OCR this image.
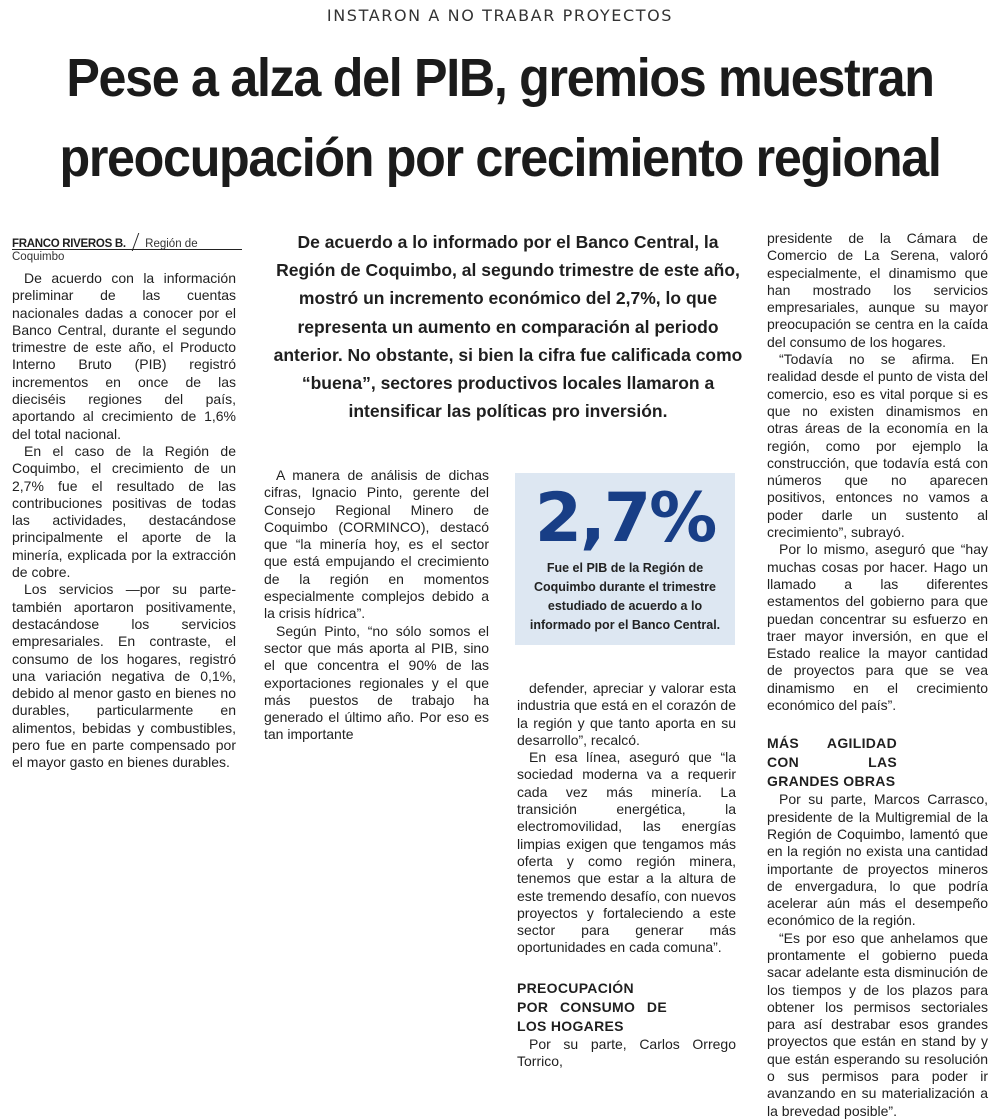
INSTARON A NO TRABAR PROYECTOS
Pese a alza del PIB, gremios muestran
preocupación por crecimiento regional
FRANCO RIVEROS B. Región de Coquimbo

De acuerdo con la información preliminar de las cuentas nacionales dadas a conocer por el Banco Central, durante el segundo trimestre de este año, el Producto Interno Bruto (PIB) registró incrementos en once de las dieciséis regiones del país, aportando al crecimiento de 1,6% del total nacional.

En el caso de la Región de Coquimbo, el crecimiento de un 2,7% fue el resultado de las contribuciones positivas de todas las actividades, destacándose principalmente el aporte de la minería, explicada por la extracción de cobre.

Los servicios —por su parte- también aportaron positivamente, destacándose los servicios empresariales. En contraste, el consumo de los hogares, registró una variación negativa de 0,1%, debido al menor gasto en bienes no durables, particularmente en alimentos, bebidas y combustibles, pero fue en parte compensado por el mayor gasto en bienes durables.

De acuerdo a lo informado por el Banco Central, la Región de Coquimbo, al segundo trimestre de este año, mostró un incremento económico del 2,7%, lo que representa un aumento en comparación al periodo anterior. No obstante, si bien la cifra fue calificada como “buena”, sectores productivos locales llamaron a intensificar las políticas pro inversión.

A manera de análisis de dichas cifras, Ignacio Pinto, gerente del Consejo Regional Minero de Coquimbo (CORMINCO), destacó que “la minería hoy, es el sector que está empujando el crecimiento de la región en momentos especialmente complejos debido a la crisis hídrica”.

Según Pinto, “no sólo somos el sector que más aporta al PIB, sino el que concentra el 90% de las exportaciones regionales y el que más puestos de trabajo ha generado el último año. Por eso es tan importante

2,7%
Fue el PIB de la Región de Coquimbo durante el trimestre estudiado de acuerdo a lo informado por el Banco Central.

defender, apreciar y valorar esta industria que está en el corazón de la región y que tanto aporta en su desarrollo”, recalcó.

En esa línea, aseguró que “la sociedad moderna va a requerir cada vez más minería. La transición energética, la electromovilidad, las energías limpias exigen que tengamos más oferta y como región minera, tenemos que estar a la altura de este tremendo desafío, con nuevos proyectos y fortaleciendo a este sector para generar más oportunidades en cada comuna”.

PREOCUPACIÓN POR CONSUMO DE LOS HOGARES

Por su parte, Carlos Orrego Torrico,

presidente de la Cámara de Comercio de La Serena, valoró especialmente, el dinamismo que han mostrado los servicios empresariales, aunque su mayor preocupación se centra en la caída del consumo de los hogares.

“Todavía no se afirma. En realidad desde el punto de vista del comercio, eso es vital porque si es que no existen dinamismos en otras áreas de la economía en la región, como por ejemplo la construcción, que todavía está con números que no aparecen positivos, entonces no vamos a poder darle un sustento al crecimiento”, subrayó.

Por lo mismo, aseguró que “hay muchas cosas por hacer. Hago un llamado a las diferentes estamentos del gobierno para que puedan concentrar su esfuerzo en traer mayor inversión, en que el Estado realice la mayor cantidad de proyectos para que se vea dinamismo en el crecimiento económico del país”.

MÁS AGILIDAD CON LAS GRANDES OBRAS

Por su parte, Marcos Carrasco, presidente de la Multigremial de la Región de Coquimbo, lamentó que en la región no exista una cantidad importante de proyectos mineros de envergadura, lo que podría acelerar aún más el desempeño económico de la región.

“Es por eso que anhelamos que prontamente el gobierno pueda sacar adelante esta disminución de los tiempos y de los plazos para obtener los permisos sectoriales para así destrabar esos grandes proyectos que están en stand by y que están esperando su resolución o sus permisos para poder ir avanzando en su materialización a la brevedad posible”.
